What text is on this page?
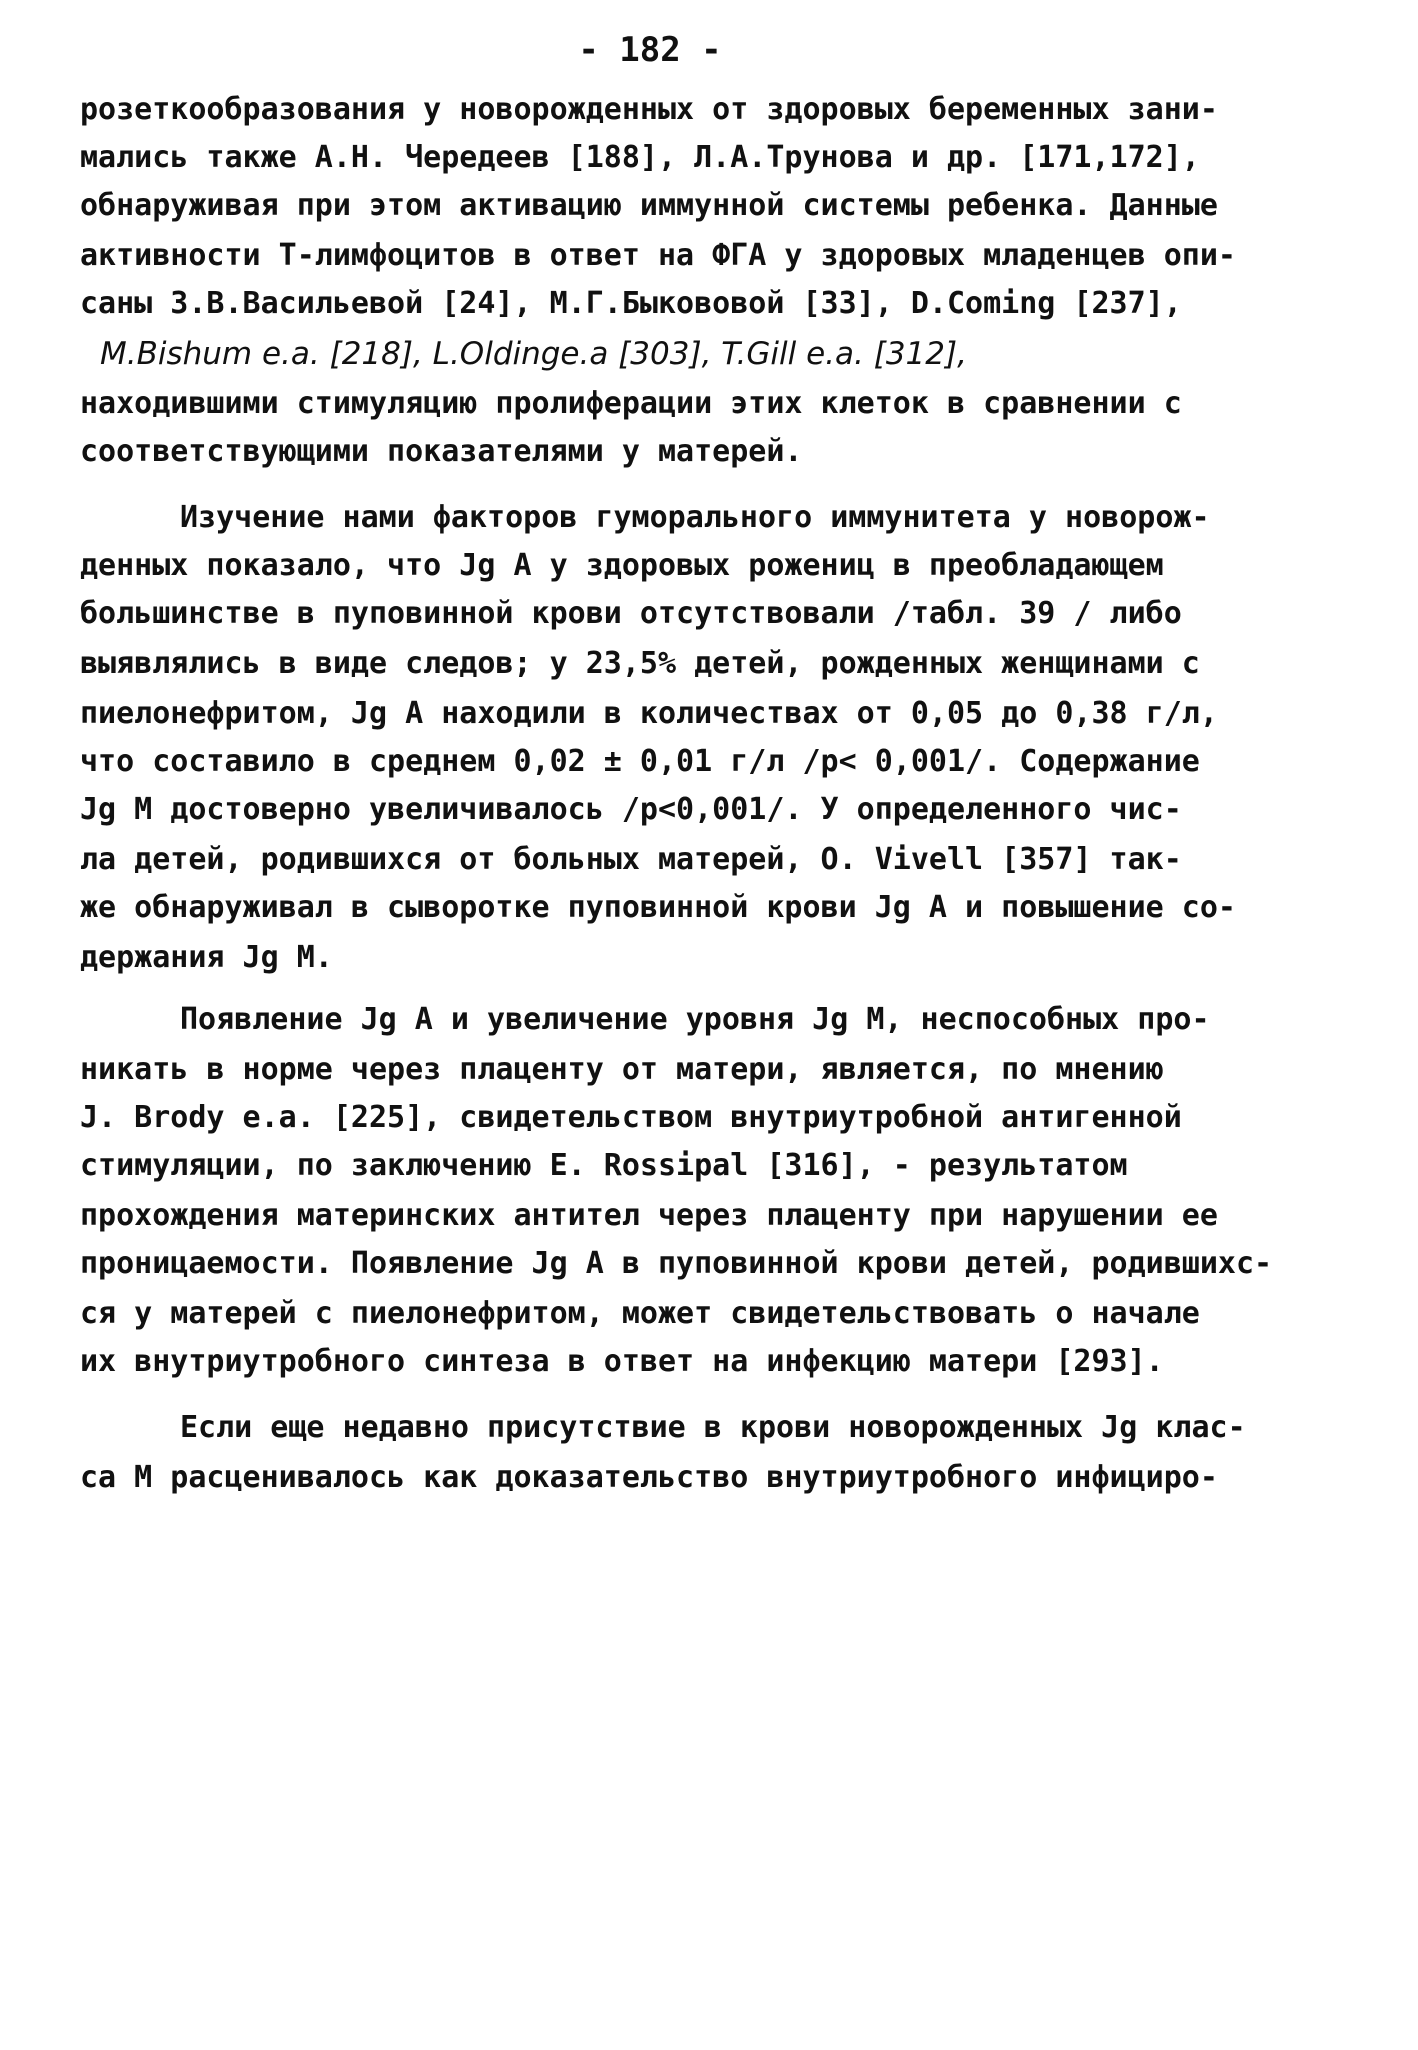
- 182 -
розеткообразования у новорожденных от здоровых беременных зани-
мались также А.Н. Чередеев [188], Л.А.Трунова и др. [171,172],
обнаруживая при этом активацию иммунной системы ребенка. Данные
активности Т-лимфоцитов в ответ на ФГА у здоровых младенцев опи-
саны З.В.Васильевой [24], М.Г.Быкововой [33], D.Coming [237],
M.Bishum e.a. [218], L.Oldinge.a [303], T.Gill e.a. [312],
находившими стимуляцию пролиферации этих клеток в сравнении с
соответствующими показателями у матерей.
Изучение нами факторов гуморального иммунитета у новорож-
денных показало, что Jg A у здоровых рожениц в преобладающем
большинстве в пуповинной крови отсутствовали /табл. 39 / либо
выявлялись в виде следов; у 23,5% детей, рожденных женщинами с
пиелонефритом, Jg A находили в количествах от 0,05 до 0,38 г/л,
что составило в среднем 0,02 ± 0,01 г/л /p< 0,001/. Содержание
Jg M достоверно увеличивалось /p<0,001/. У определенного чис-
ла детей, родившихся от больных матерей, O. Vivell [357] так-
же обнаруживал в сыворотке пуповинной крови Jg A и повышение со-
держания Jg M.
Появление Jg A и увеличение уровня Jg M, неспособных про-
никать в норме через плаценту от матери, является, по мнению
J. Brody e.a. [225], свидетельством внутриутробной антигенной
стимуляции, по заключению E. Rossipal [316], - результатом
прохождения материнских антител через плаценту при нарушении ее
проницаемости. Появление Jg A в пуповинной крови детей, родившихс-
ся у матерей с пиелонефритом, может свидетельствовать о начале
их внутриутробного синтеза в ответ на инфекцию матери [293].
Если еще недавно присутствие в крови новорожденных Jg клас-
са M расценивалось как доказательство внутриутробного инфициро-
